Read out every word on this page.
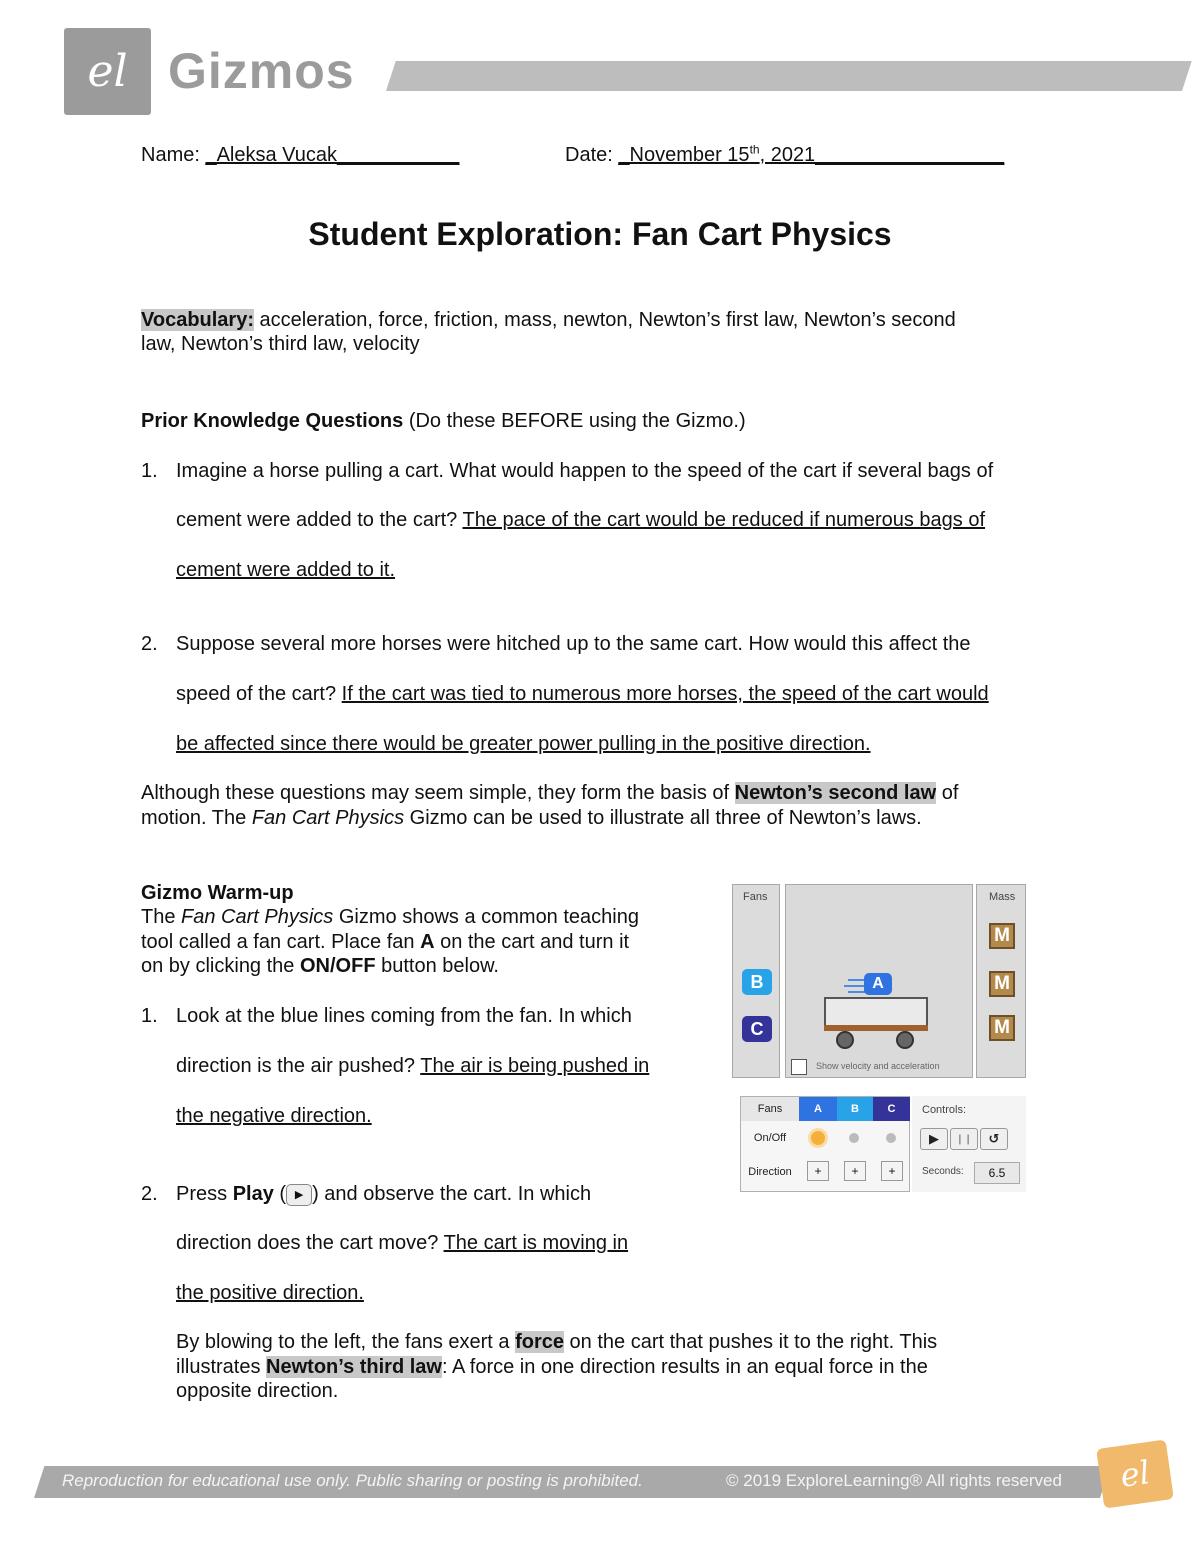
el Gizmos
Name: _Aleksa Vucak___________	Date: _November 15th, 2021_________________
Student Exploration: Fan Cart Physics
Vocabulary: acceleration, force, friction, mass, newton, Newton’s first law, Newton’s second
law, Newton’s third law, velocity
Prior Knowledge Questions (Do these BEFORE using the Gizmo.)
1. Imagine a horse pulling a cart. What would happen to the speed of the cart if several bags of
cement were added to the cart? The pace of the cart would be reduced if numerous bags of
cement were added to it.
2. Suppose several more horses were hitched up to the same cart. How would this affect the
speed of the cart? If the cart was tied to numerous more horses, the speed of the cart would
be affected since there would be greater power pulling in the positive direction.
Although these questions may seem simple, they form the basis of Newton’s second law of
motion. The Fan Cart Physics Gizmo can be used to illustrate all three of Newton’s laws.
Gizmo Warm-up
The Fan Cart Physics Gizmo shows a common teaching
tool called a fan cart. Place fan A on the cart and turn it
on by clicking the ON/OFF button below.
1. Look at the blue lines coming from the fan. In which
direction is the air pushed? The air is being pushed in
the negative direction.
2. Press Play ( ▶ ) and observe the cart. In which
direction does the cart move? The cart is moving in
the positive direction.
By blowing to the left, the fans exert a force on the cart that pushes it to the right. This
illustrates Newton’s third law: A force in one direction results in an equal force in the
opposite direction.
Fans
B
C
A
Show velocity and acceleration
Mass
M
M
M
Fans	A	B	C
On/Off
Direction	+	+	+
Controls:
▶	❙❙	↺
Seconds:	6.5
Reproduction for educational use only. Public sharing or posting is prohibited.	© 2019 ExploreLearning® All rights reserved el
